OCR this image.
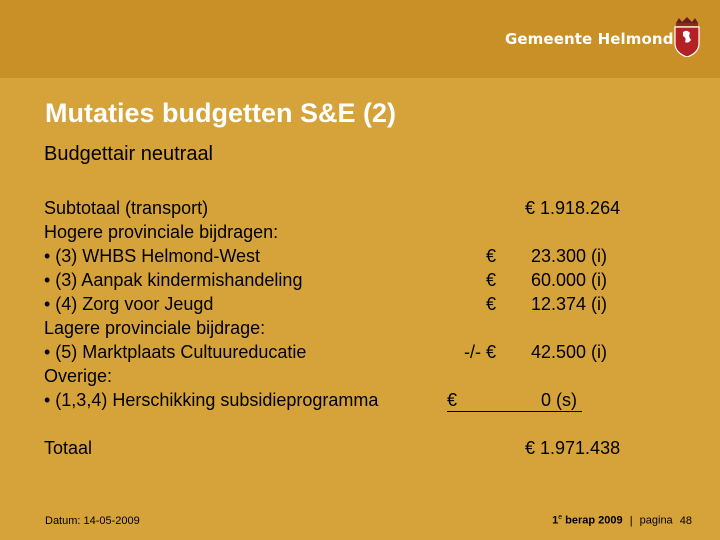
Gemeente Helmond
Mutaties budgetten S&E (2)
Budgettair neutraal
Subtotaal (transport)	€ 1.918.264
Hogere provinciale bijdragen:
• (3) WHBS Helmond-West	€ 23.300 (i)
• (3) Aanpak kindermishandeling	€ 60.000 (i)
• (4) Zorg voor Jeugd	€ 12.374 (i)
Lagere provinciale bijdrage:
• (5) Marktplaats Cultuureducatie	-/- € 42.500 (i)
Overige:
• (1,3,4) Herschikking subsidieprogramma	€	0 (s)
Totaal	€ 1.971.438
Datum: 14-05-2009	1e berap 2009 | pagina 48
